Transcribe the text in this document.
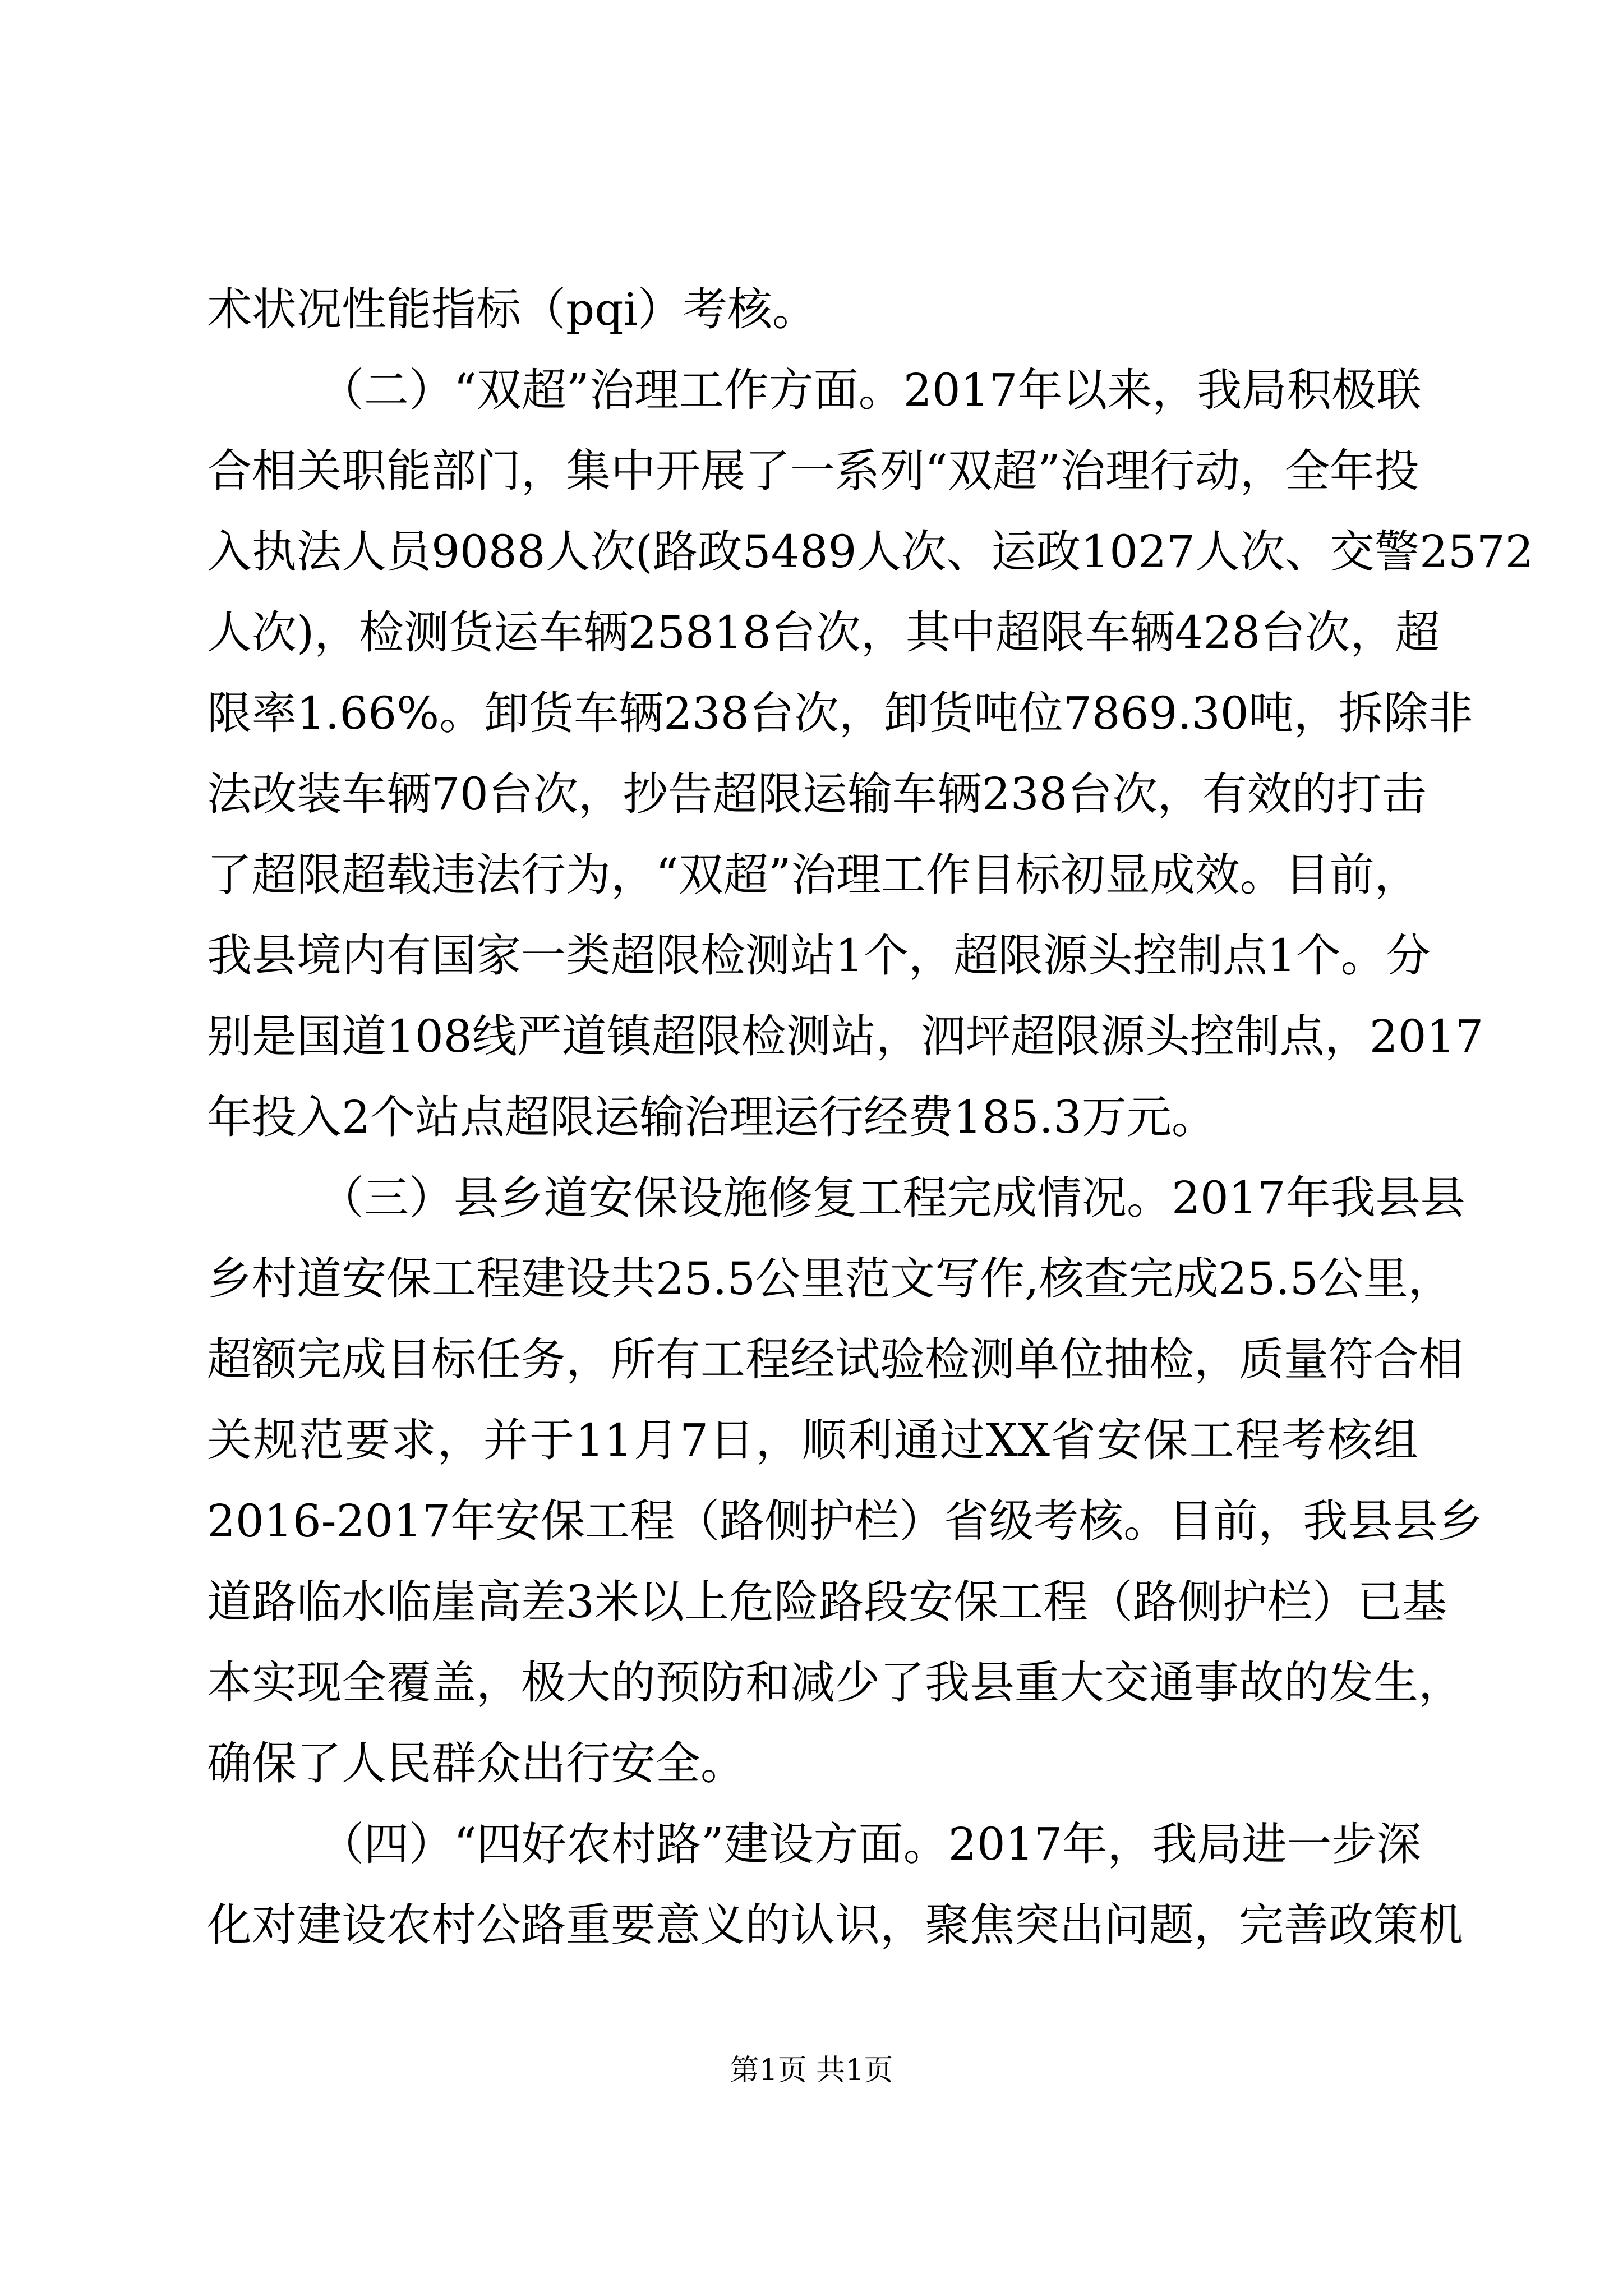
术状况性能指标（pqi）考核。
（二）“双超”治理工作方面。2017年以来，我局积极联
合相关职能部门，集中开展了一系列“双超”治理行动，全年投
入执法人员9088人次(路政5489人次、运政1027人次、交警2572
人次)，检测货运车辆25818台次，其中超限车辆428台次，超
限率1.66%。卸货车辆238台次，卸货吨位7869.30吨，拆除非
法改装车辆70台次，抄告超限运输车辆238台次，有效的打击
了超限超载违法行为，“双超”治理工作目标初显成效。目前，
我县境内有国家一类超限检测站1个，超限源头控制点1个。分
别是国道108线严道镇超限检测站，泗坪超限源头控制点，2017
年投入2个站点超限运输治理运行经费185.3万元。
（三）县乡道安保设施修复工程完成情况。2017年我县县
乡村道安保工程建设共25.5公里范文写作,核查完成25.5公里，
超额完成目标任务，所有工程经试验检测单位抽检，质量符合相
关规范要求，并于11月7日，顺利通过XX省安保工程考核组
2016-2017年安保工程（路侧护栏）省级考核。目前，我县县乡
道路临水临崖高差3米以上危险路段安保工程（路侧护栏）已基
本实现全覆盖，极大的预防和减少了我县重大交通事故的发生，
确保了人民群众出行安全。
（四）“四好农村路”建设方面。2017年，我局进一步深
化对建设农村公路重要意义的认识，聚焦突出问题，完善政策机
第1页 共1页
